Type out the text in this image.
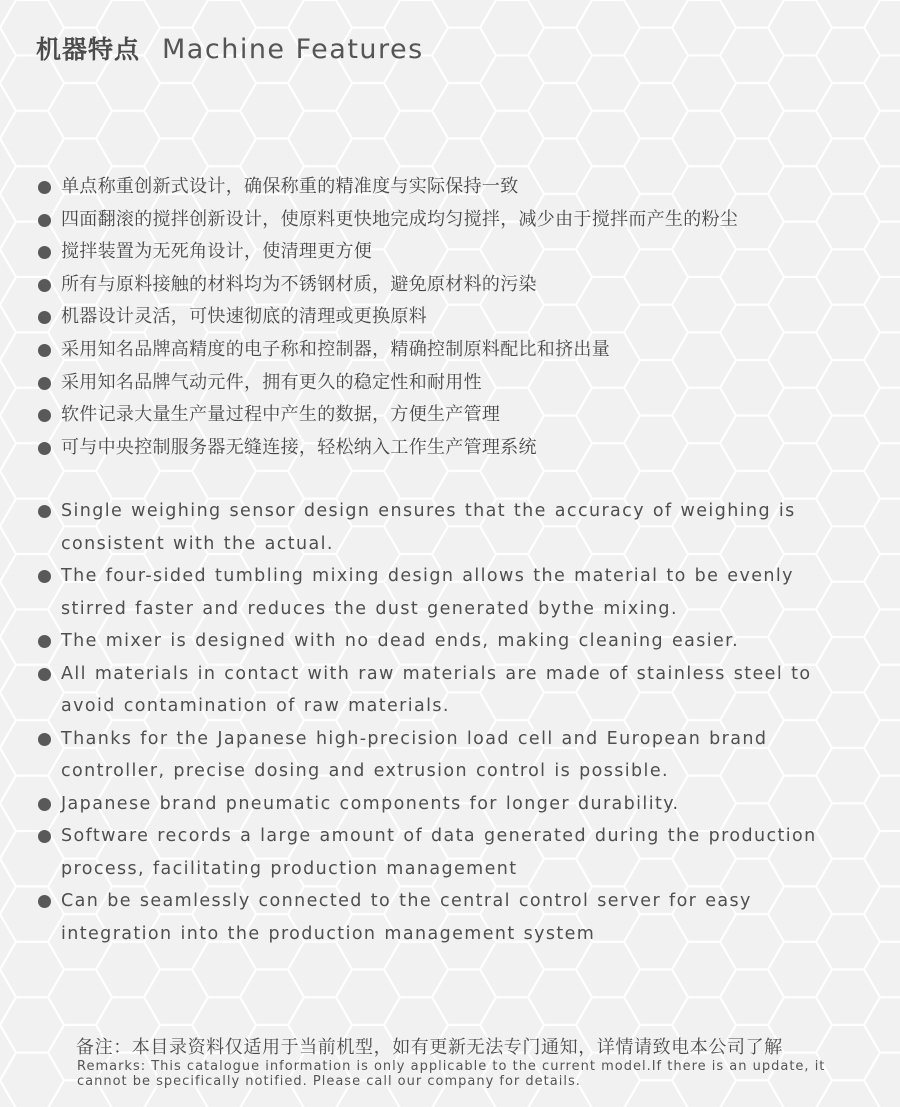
机器特点 Machine Features
单点称重创新式设计，确保称重的精准度与实际保持一致
四面翻滚的搅拌创新设计，使原料更快地完成均匀搅拌，减少由于搅拌而产生的粉尘
搅拌装置为无死角设计，使清理更方便
所有与原料接触的材料均为不锈钢材质，避免原材料的污染
机器设计灵活，可快速彻底的清理或更换原料
采用知名品牌高精度的电子称和控制器，精确控制原料配比和挤出量
采用知名品牌气动元件，拥有更久的稳定性和耐用性
软件记录大量生产量过程中产生的数据，方便生产管理
可与中央控制服务器无缝连接，轻松纳入工作生产管理系统
Single weighing sensor design ensures that the accuracy of weighing is consistent with the actual.
The four-sided tumbling mixing design allows the material to be evenly stirred faster and reduces the dust generated bythe mixing.
The mixer is designed with no dead ends, making cleaning easier.
All materials in contact with raw materials are made of stainless steel to avoid contamination of raw materials.
Thanks for the Japanese high-precision load cell and European brand controller, precise dosing and extrusion control is possible.
Japanese brand pneumatic components for longer durability.
Software records a large amount of data generated during the production process, facilitating production management
Can be seamlessly connected to the central control server for easy integration into the production management system
备注：本目录资料仅适用于当前机型，如有更新无法专门通知，详情请致电本公司了解
Remarks: This catalogue information is only applicable to the current model.If there is an update, it cannot be specifically notified. Please call our company for details.
